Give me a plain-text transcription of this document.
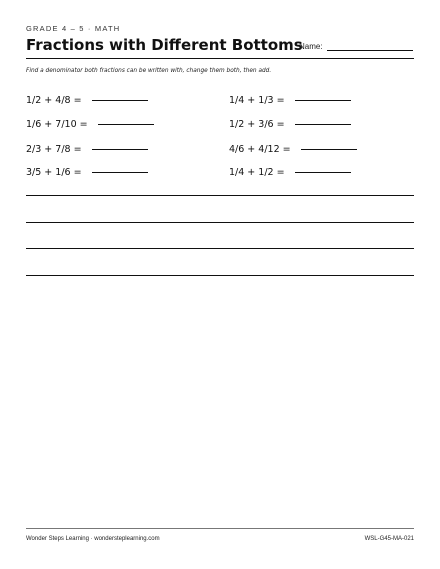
GRADE 4 – 5 · MATH
Fractions with Different Bottoms
Name:
Find a denominator both fractions can be written with, change them both, then add.
1/2 + 4/8 =
1/6 + 7/10 =
2/3 + 7/8 =
3/5 + 1/6 =
1/4 + 1/3 =
1/2 + 3/6 =
4/6 + 4/12 =
1/4 + 1/2 =
Wonder Steps Learning · wondersteplearning.com	WSL-G45-MA-021
